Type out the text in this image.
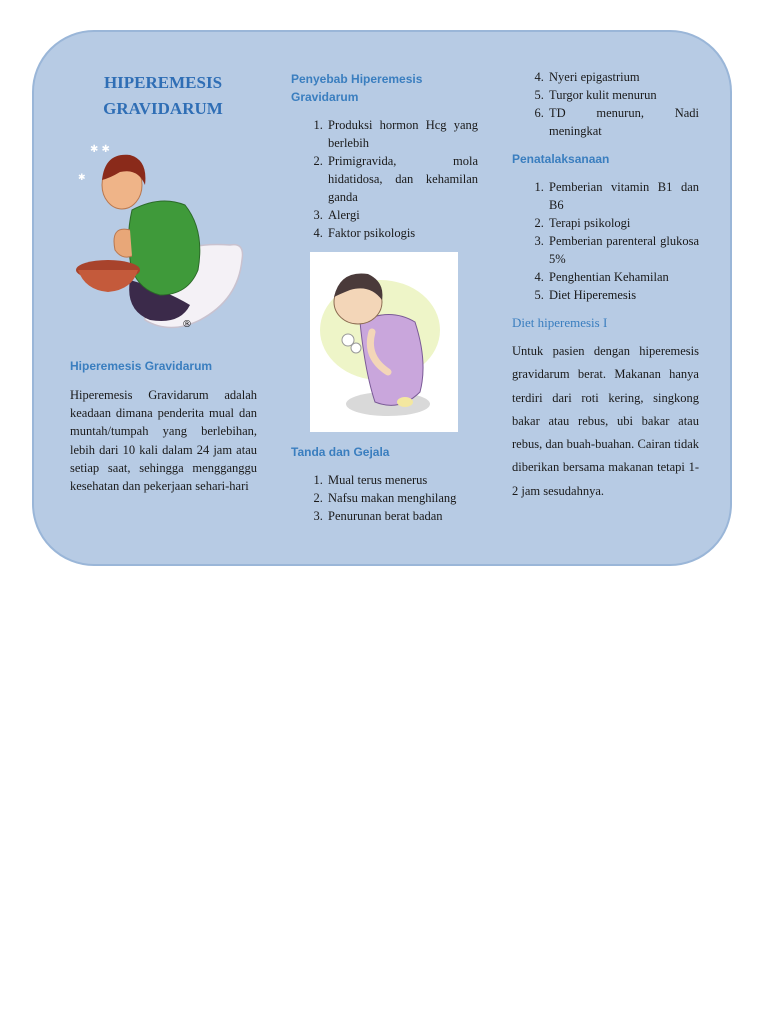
HIPEREMESIS
GRAVIDARUM
✱ ✱
✱
®
Hiperemesis Gravidarum

Hiperemesis Gravidarum adalah keadaan dimana penderita mual dan muntah/tumpah yang berlebihan, lebih dari 10 kali dalam 24 jam atau setiap saat, sehingga mengganggu kesehatan dan pekerjaan sehari-hari

Penyebab Hiperemesis Gravidarum
1. Produksi hormon Hcg yang berlebih
2. Primigravida, mola hidatidosa, dan kehamilan ganda
3. Alergi
4. Faktor psikologis
Tanda dan Gejala
1. Mual terus menerus
2. Nafsu makan menghilang
3. Penurunan berat badan
4. Nyeri epigastrium
5. Turgor kulit menurun
6. TD menurun, Nadi meningkat
Penatalaksanaan
1. Pemberian vitamin B1 dan B6
2. Terapi psikologi
3. Pemberian parenteral glukosa 5%
4. Penghentian Kehamilan
5. Diet Hiperemesis
Diet hiperemesis I

Untuk pasien dengan hiperemesis gravidarum berat. Makanan hanya terdiri dari roti kering, singkong bakar atau rebus, ubi bakar atau rebus, dan buah-buahan. Cairan tidak diberikan bersama makanan tetapi 1-2 jam sesudahnya.
